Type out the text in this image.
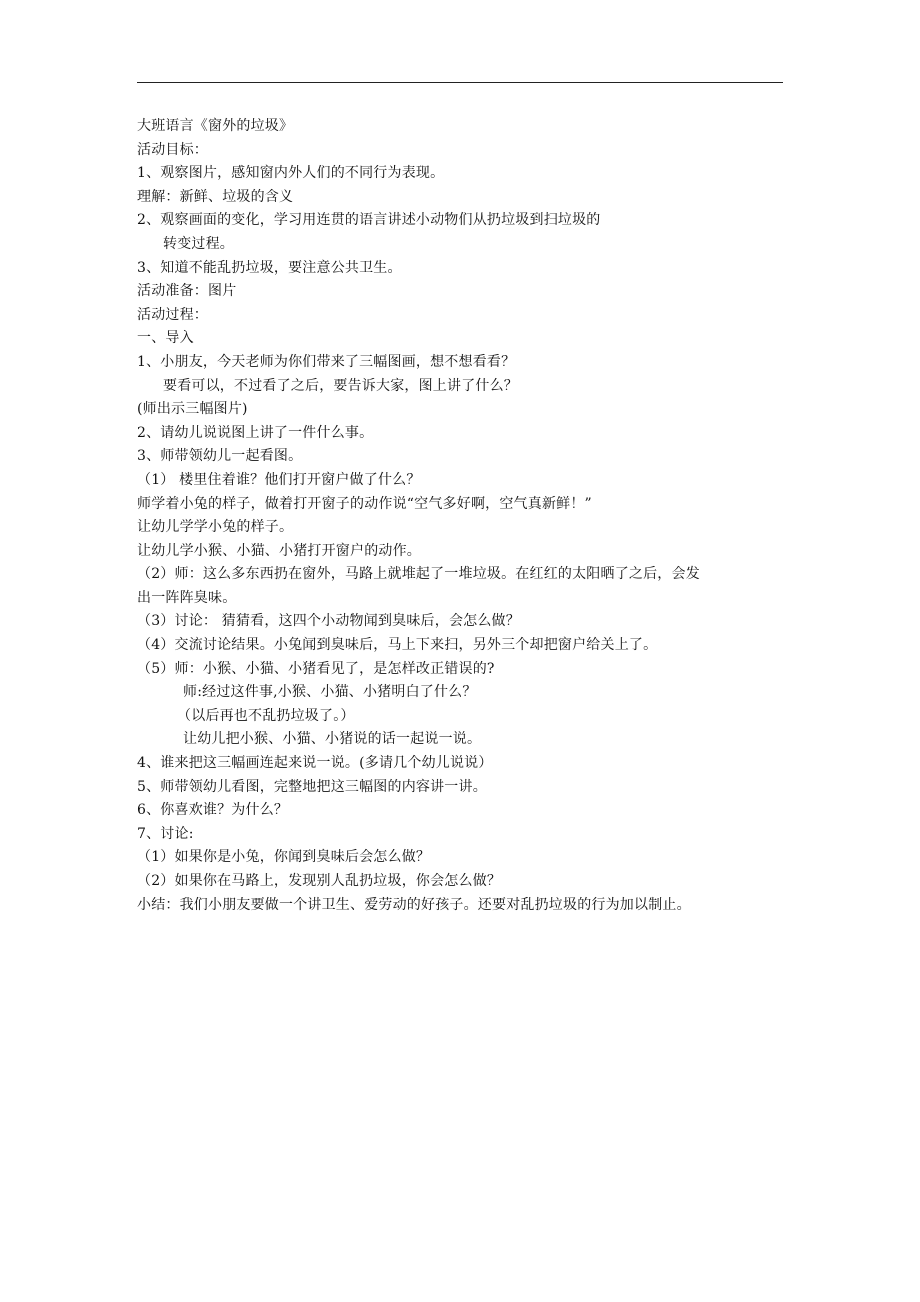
大班语言《窗外的垃圾》
活动目标：
1、观察图片，感知窗内外人们的不同行为表现。
理解：新鲜、垃圾的含义
2、观察画面的变化，学习用连贯的语言讲述小动物们从扔垃圾到扫垃圾的
转变过程。
3、知道不能乱扔垃圾，要注意公共卫生。
活动准备：图片
活动过程：
一、导入
1、小朋友，今天老师为你们带来了三幅图画，想不想看看？
要看可以，不过看了之后，要告诉大家，图上讲了什么？
(师出示三幅图片)
2、请幼儿说说图上讲了一件什么事。
3、师带领幼儿一起看图。
（1） 楼里住着谁？他们打开窗户做了什么？
师学着小兔的样子，做着打开窗子的动作说“空气多好啊，空气真新鲜！”
让幼儿学学小兔的样子。
让幼儿学小猴、小猫、小猪打开窗户的动作。
（2）师：这么多东西扔在窗外，马路上就堆起了一堆垃圾。在红红的太阳晒了之后，会发
出一阵阵臭味。
（3）讨论： 猜猜看，这四个小动物闻到臭味后，会怎么做？
（4）交流讨论结果。小兔闻到臭味后，马上下来扫，另外三个却把窗户给关上了。
（5）师：小猴、小猫、小猪看见了，是怎样改正错误的?
师:经过这件事,小猴、小猫、小猪明白了什么？
（以后再也不乱扔垃圾了。）
让幼儿把小猴、小猫、小猪说的话一起说一说。
4、谁来把这三幅画连起来说一说。(多请几个幼儿说说）
5、师带领幼儿看图，完整地把这三幅图的内容讲一讲。
6、你喜欢谁？为什么？
7、讨论:
（1）如果你是小兔，你闻到臭味后会怎么做？
（2）如果你在马路上，发现别人乱扔垃圾，你会怎么做？
小结：我们小朋友要做一个讲卫生、爱劳动的好孩子。还要对乱扔垃圾的行为加以制止。
